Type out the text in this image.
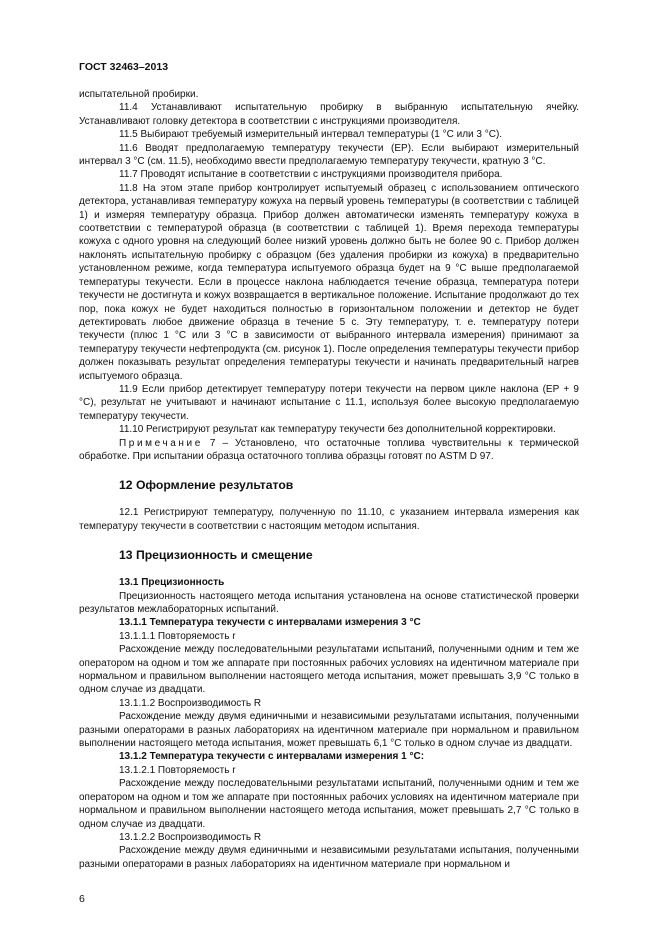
ГОСТ 32463–2013

испытательной пробирки.

11.4 Устанавливают испытательную пробирку в выбранную испытательную ячейку. Устанавливают головку детектора в соответствии с инструкциями производителя.

11.5 Выбирают требуемый измерительный интервал температуры (1 °С или 3 °С).

11.6 Вводят предполагаемую температуру текучести (ЕР). Если выбирают измерительный интервал 3 °С (см. 11.5), необходимо ввести предполагаемую температуру текучести, кратную 3 °С.

11.7 Проводят испытание в соответствии с инструкциями производителя прибора.

11.8 На этом этапе прибор контролирует испытуемый образец с использованием оптического детектора, устанавливая температуру кожуха на первый уровень температуры (в соответствии с таблицей 1) и измеряя температуру образца. Прибор должен автоматически изменять температуру кожуха в соответствии с температурой образца (в соответствии с таблицей 1). Время перехода температуры кожуха с одного уровня на следующий более низкий уровень должно быть не более 90 с. Прибор должен наклонять испытательную пробирку с образцом (без удаления пробирки из кожуха) в предварительно установленном режиме, когда температура испытуемого образца будет на 9 °С выше предполагаемой температуры текучести. Если в процессе наклона наблюдается течение образца, температура потери текучести не достигнута и кожух возвращается в вертикальное положение. Испытание продолжают до тех пор, пока кожух не будет находиться полностью в горизонтальном положении и детектор не будет детектировать любое движение образца в течение 5 с. Эту температуру, т. е. температуру потери текучести (плюс 1 °С или 3 °С в зависимости от выбранного интервала измерения) принимают за температуру текучести нефтепродукта (см. рисунок 1). После определения температуры текучести прибор должен показывать результат определения температуры текучести и начинать предварительный нагрев испытуемого образца.

11.9 Если прибор детектирует температуру потери текучести на первом цикле наклона (ЕР + 9 °С), результат не учитывают и начинают испытание с 11.1, используя более высокую предполагаемую температуру текучести.

11.10 Регистрируют результат как температуру текучести без дополнительной корректировки.

Примечание 7 – Установлено, что остаточные топлива чувствительны к термической обработке. При испытании образца остаточного топлива образцы готовят по ASTM D 97.

12 Оформление результатов

12.1 Регистрируют температуру, полученную по 11.10, с указанием интервала измерения как температуру текучести в соответствии с настоящим методом испытания.

13 Прецизионность и смещение

13.1 Прецизионность

Прецизионность настоящего метода испытания установлена на основе статистической проверки результатов межлабораторных испытаний.

13.1.1 Температура текучести с интервалами измерения 3 °С

13.1.1.1 Повторяемость r

Расхождение между последовательными результатами испытаний, полученными одним и тем же оператором на одном и том же аппарате при постоянных рабочих условиях на идентичном материале при нормальном и правильном выполнении настоящего метода испытания, может превышать 3,9 °С только в одном случае из двадцати.

13.1.1.2 Воспроизводимость R

Расхождение между двумя единичными и независимыми результатами испытания, полученными разными операторами в разных лабораториях на идентичном материале при нормальном и правильном выполнении настоящего метода испытания, может превышать 6,1 °С только в одном случае из двадцати.

13.1.2 Температура текучести с интервалами измерения 1 °С:

13.1.2.1 Повторяемость r

Расхождение между последовательными результатами испытаний, полученными одним и тем же оператором на одном и том же аппарате при постоянных рабочих условиях на идентичном материале при нормальном и правильном выполнении настоящего метода испытания, может превышать 2,7 °С только в одном случае из двадцати.

13.1.2.2 Воспроизводимость R

Расхождение между двумя единичными и независимыми результатами испытания, полученными разными операторами в разных лабораториях на идентичном материале при нормальном и

6
